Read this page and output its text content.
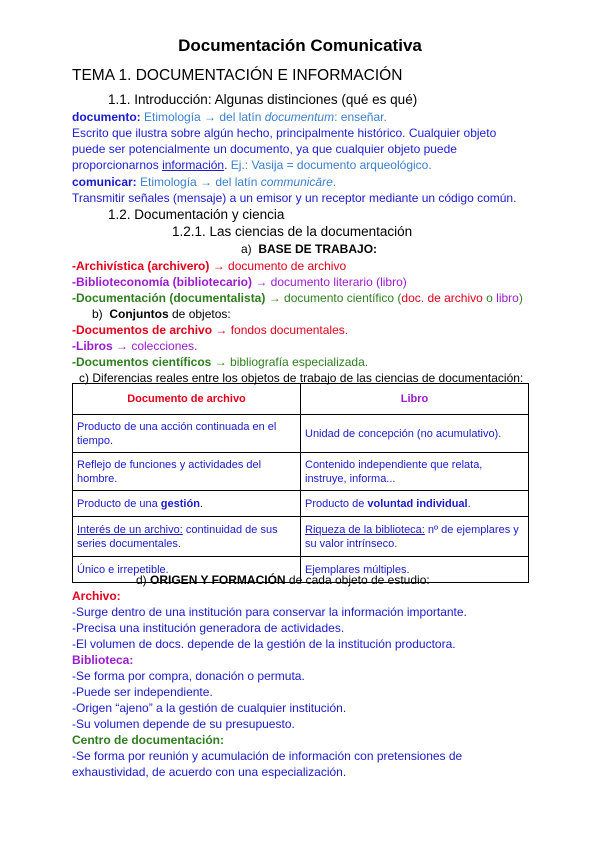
Documentación Comunicativa
TEMA 1. DOCUMENTACIÓN E INFORMACIÓN
1.1. Introducción: Algunas distinciones (qué es qué)
documento: Etimología → del latín documentum: enseñar.
Escrito que ilustra sobre algún hecho, principalmente histórico. Cualquier objeto
puede ser potencialmente un documento, ya que cualquier objeto puede
proporcionarnos información. Ej.: Vasija = documento arqueológico.
comunicar: Etimología → del latín communicāre.
Transmitir señales (mensaje) a un emisor y un receptor mediante un código común.
1.2. Documentación y ciencia
1.2.1. Las ciencias de la documentación
a) BASE DE TRABAJO:
-Archivística (archivero) → documento de archivo
-Biblioteconomía (bibliotecario) → documento literario (libro)
-Documentación (documentalista) → documento científico (doc. de archivo o libro)
b) Conjuntos de objetos:
-Documentos de archivo → fondos documentales.
-Libros → colecciones.
-Documentos científicos → bibliografía especializada.
c) Diferencias reales entre los objetos de trabajo de las ciencias de documentación:
Documento de archivo	Libro
Producto de una acción continuada en el tiempo.	Unidad de concepción (no acumulativo).
Reflejo de funciones y actividades del hombre.	Contenido independiente que relata, instruye, informa...
Producto de una gestión.	Producto de voluntad individual.
Interés de un archivo: continuidad de sus series documentales.	Riqueza de la biblioteca: nº de ejemplares y su valor intrínseco.
Único e irrepetible.	Ejemplares múltiples.
d) ORIGEN Y FORMACIÓN de cada objeto de estudio:
Archivo:
-Surge dentro de una institución para conservar la información importante.
-Precisa una institución generadora de actividades.
-El volumen de docs. depende de la gestión de la institución productora.
Biblioteca:
-Se forma por compra, donación o permuta.
-Puede ser independiente.
-Origen “ajeno” a la gestión de cualquier institución.
-Su volumen depende de su presupuesto.
Centro de documentación:
-Se forma por reunión y acumulación de información con pretensiones de
exhaustividad, de acuerdo con una especialización.
